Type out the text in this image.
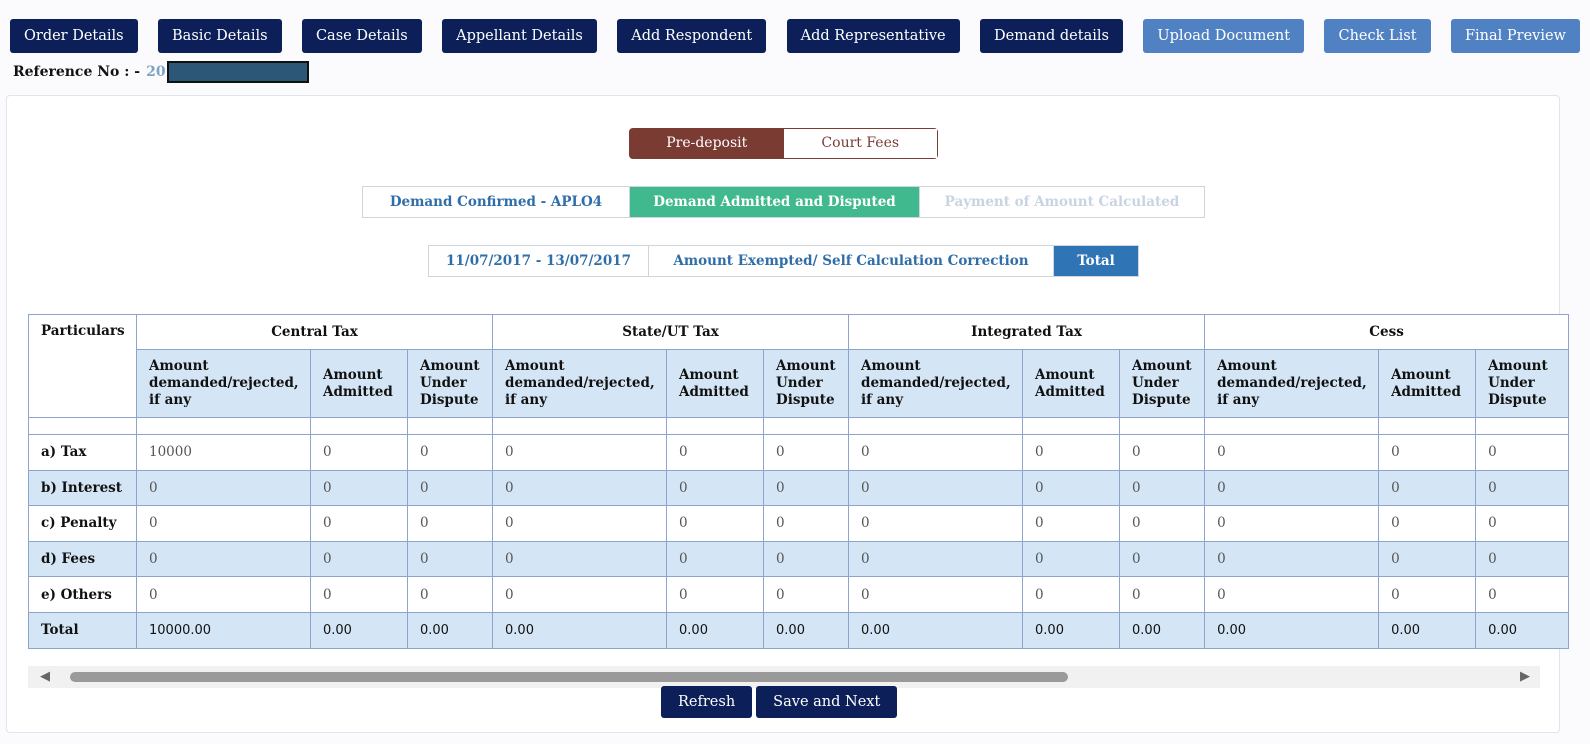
Order Details	Basic Details	Case Details	Appellant Details	Add Respondent	Add Representative	Demand details	Upload Document	Check List	Final Preview
Reference No : - 20
Pre-deposit	Court Fees
Demand Confirmed - APLO4	Demand Admitted and Disputed	Payment of Amount Calculated
11/07/2017 - 13/07/2017	Amount Exempted/ Self Calculation Correction	Total
Particulars	Central Tax			State/UT Tax			Integrated Tax			Cess		
	Amount demanded/rejected, if any	Amount Admitted	Amount Under Dispute	Amount demanded/rejected, if any	Amount Admitted	Amount Under Dispute	Amount demanded/rejected, if any	Amount Admitted	Amount Under Dispute	Amount demanded/rejected, if any	Amount Admitted	Amount Under Dispute

a) Tax	10000	0	0	0	0	0	0	0	0	0	0	0
b) Interest	0	0	0	0	0	0	0	0	0	0	0	0
c) Penalty	0	0	0	0	0	0	0	0	0	0	0	0
d) Fees	0	0	0	0	0	0	0	0	0	0	0	0
e) Others	0	0	0	0	0	0	0	0	0	0	0	0
Total	10000.00	0.00	0.00	0.00	0.00	0.00	0.00	0.00	0.00	0.00	0.00	0.00
◀	▶
Refresh	Save and Next
